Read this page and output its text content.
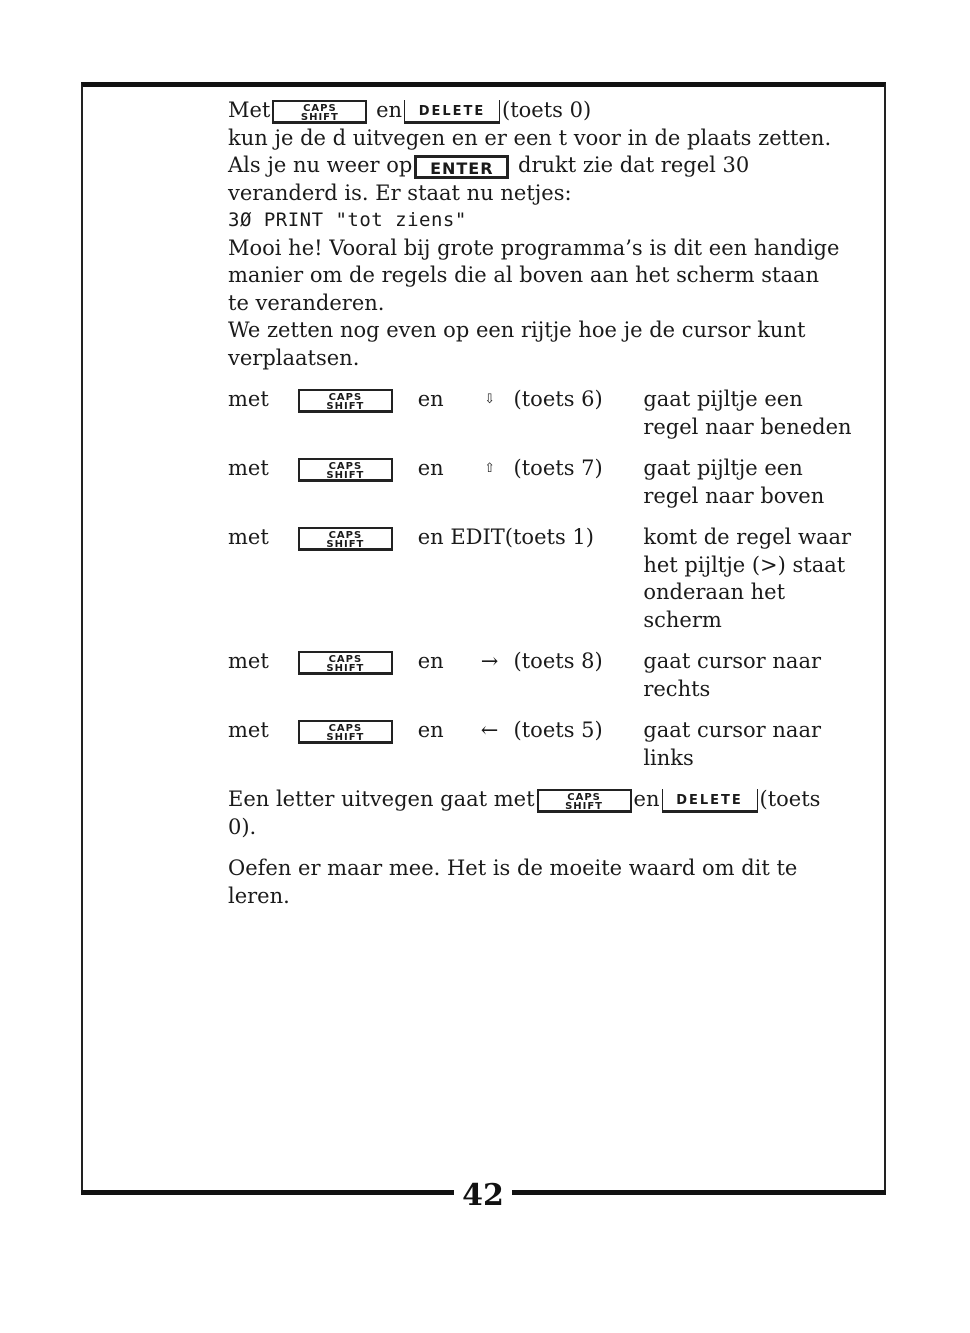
42

Met	CAPS
SHIFT	en DELETE (toets 0)

kun je de d uitvegen en er een t voor in de plaats zetten.

Als je nu weer op ENTER drukt zie dat regel 30

veranderd is. Er staat nu netjes:

3Ø PRINT "tot ziens"

Mooi he! Vooral bij grote programma’s is dit een handige

manier om de regels die al boven aan het scherm staan

te veranderen.

We zetten nog even op een rijtje hoe je de cursor kunt

verplaatsen.

met	CAPS
SHIFT	en	⇩ (toets 6)	gaat pijltje een
regel naar beneden
met	CAPS
SHIFT	en	⇧ (toets 7)	gaat pijltje een
regel naar boven
met	CAPS
SHIFT	en EDIT(toets 1)	komt de regel waar
het pijltje (>) staat
onderaan het
scherm
met	CAPS
SHIFT	en	→ (toets 8)	gaat cursor naar
rechts
met	CAPS
SHIFT	en	← (toets 5)	gaat cursor naar
links

Een letter uitvegen gaat met	CAPS
SHIFT	en DELETE (toets

0).

Oefen er maar mee. Het is de moeite waard om dit te

leren.
